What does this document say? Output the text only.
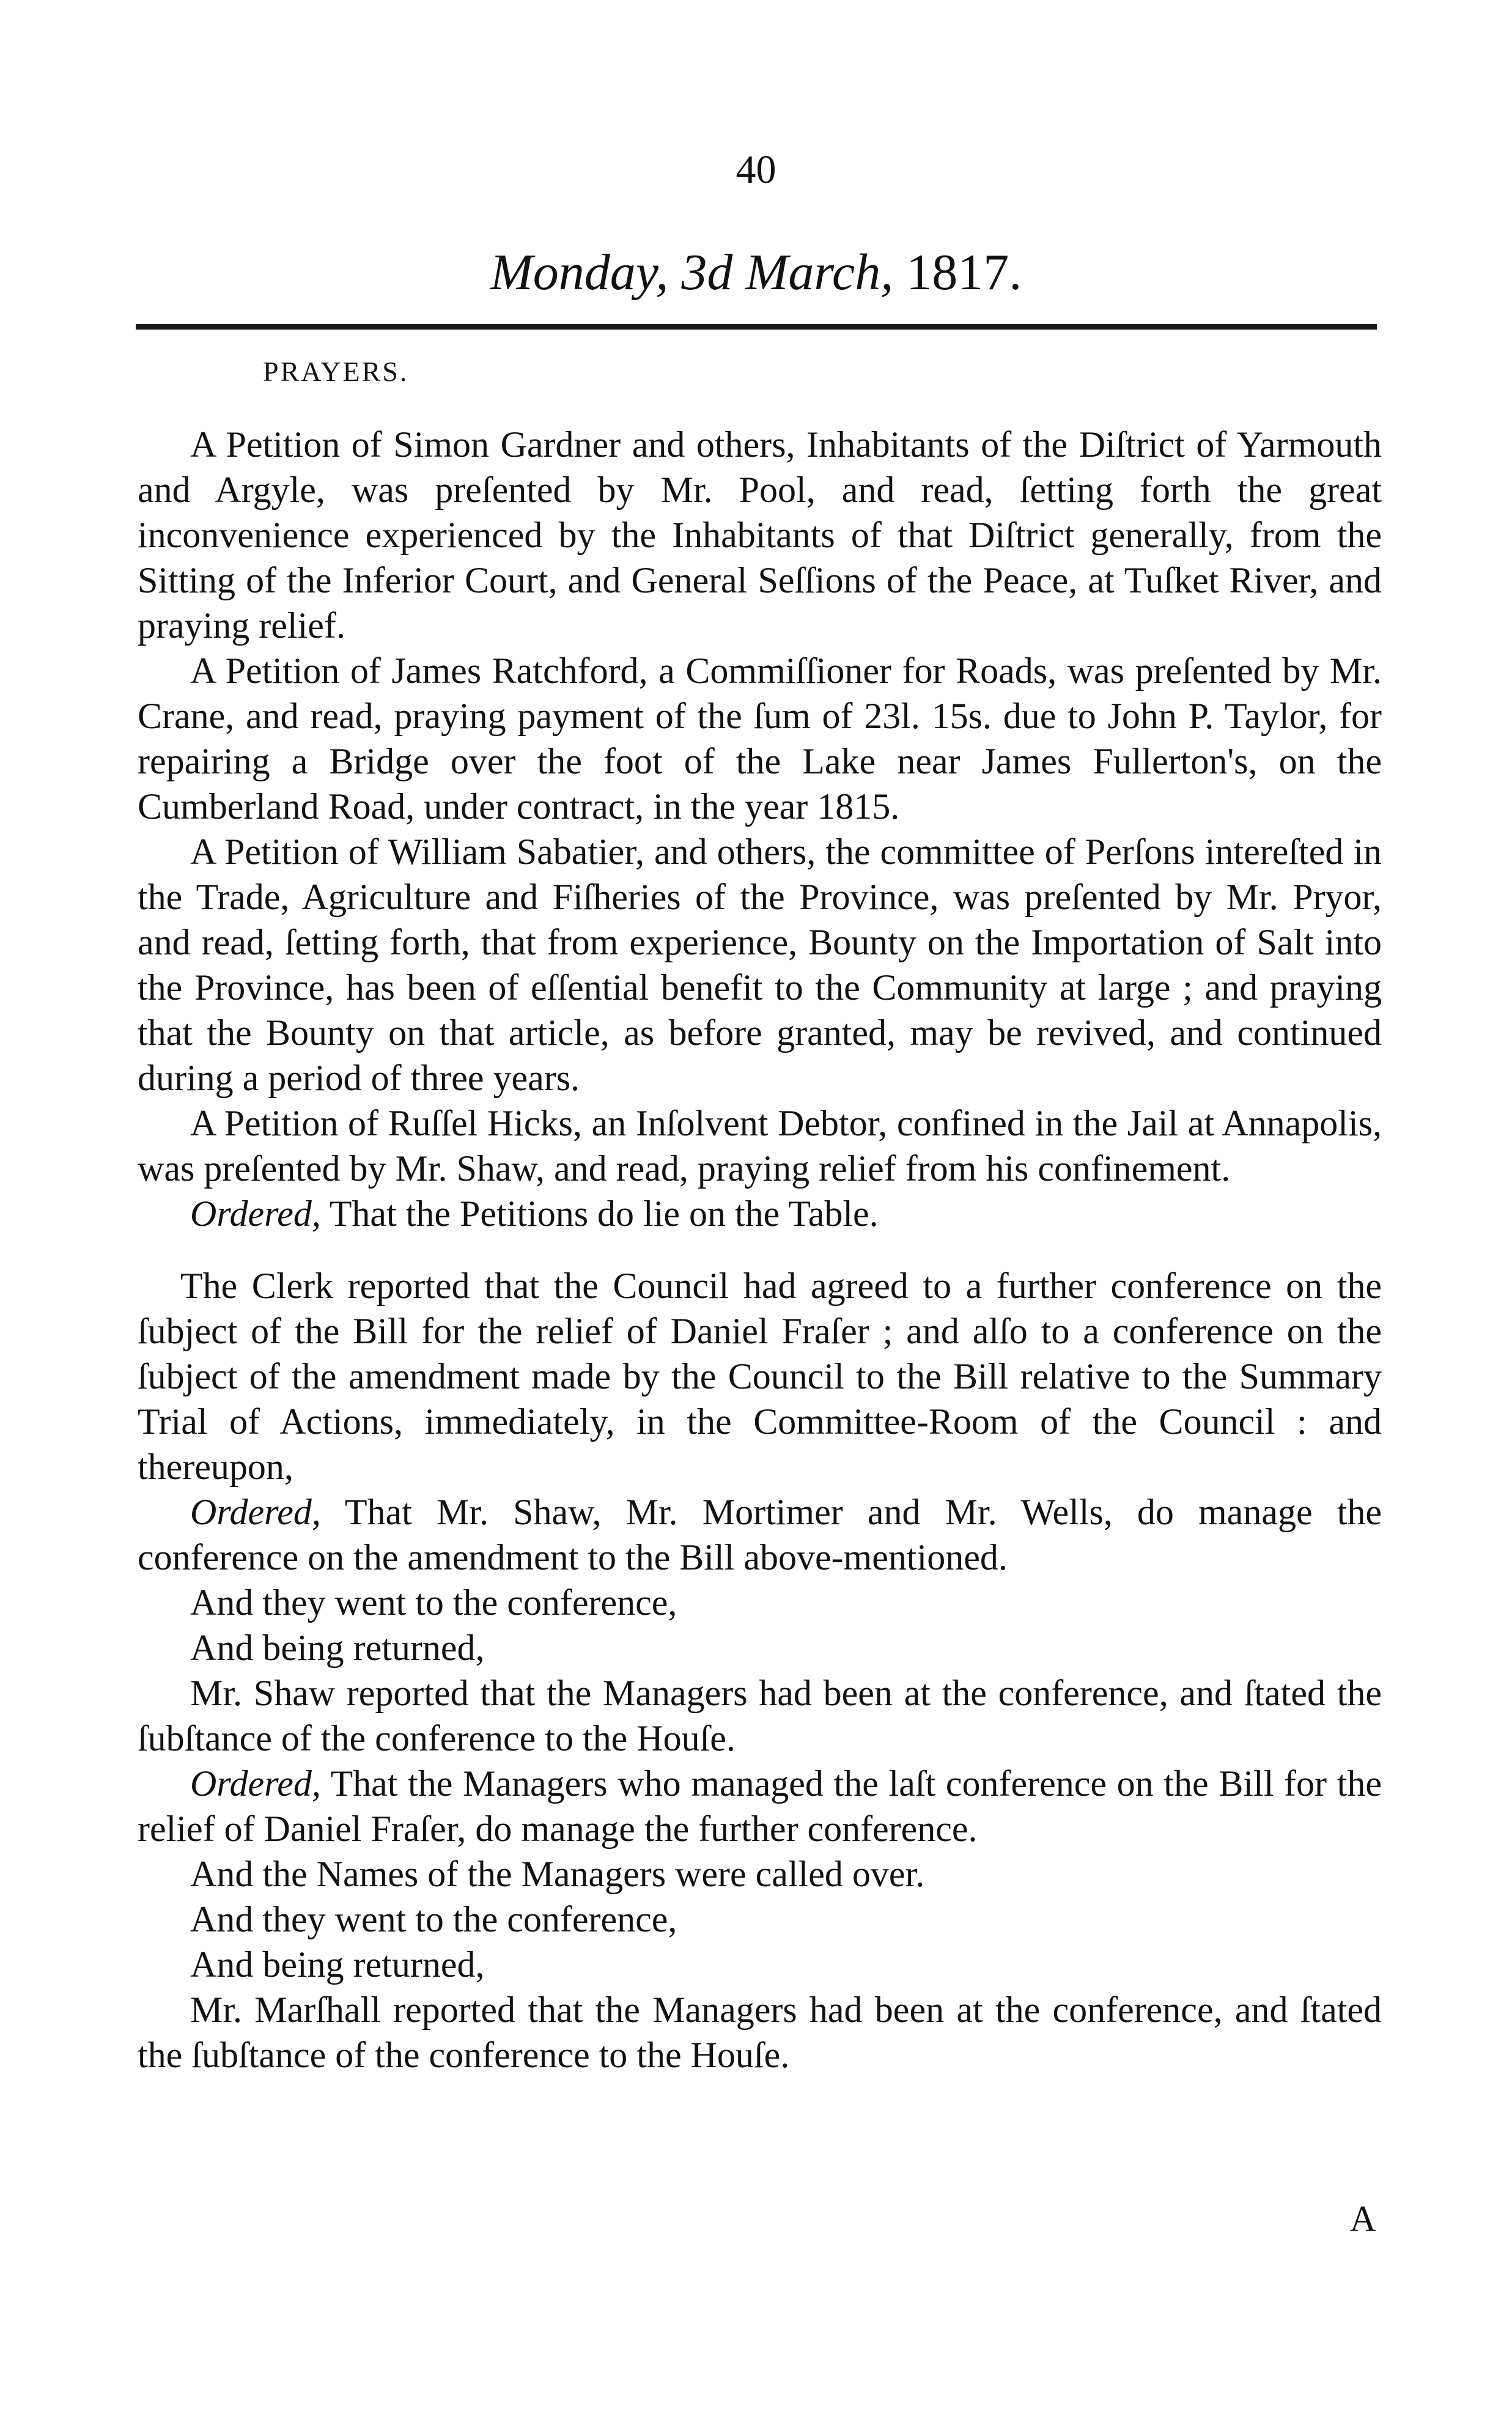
40
Monday, 3d March, 1817.
PRAYERS.

A Petition of Simon Gardner and others, Inhabitants of the Diſtrict of Yarmouth and Argyle, was preſented by Mr. Pool, and read, ſetting forth the great inconvenience experienced by the Inhabitants of that Diſtrict generally, from the Sitting of the Inferior Court, and General Seſſions of the Peace, at Tuſket River, and praying relief.

A Petition of James Ratchford, a Commiſſioner for Roads, was preſented by Mr. Crane, and read, praying payment of the ſum of 23l. 15s. due to John P. Taylor, for repairing a Bridge over the foot of the Lake near James Fullerton's, on the Cumberland Road, under contract, in the year 1815.

A Petition of William Sabatier, and others, the committee of Perſons intereſted in the Trade, Agriculture and Fiſheries of the Province, was preſented by Mr. Pryor, and read, ſetting forth, that from experience, Bounty on the Importation of Salt into the Province, has been of eſſential benefit to the Community at large ; and praying that the Bounty on that article, as before granted, may be revived, and continued during a period of three years.

A Petition of Ruſſel Hicks, an Inſolvent Debtor, confined in the Jail at Annapolis, was preſented by Mr. Shaw, and read, praying relief from his confinement.

Ordered, That the Petitions do lie on the Table.

The Clerk reported that the Council had agreed to a further conference on the ſubject of the Bill for the relief of Daniel Fraſer ; and alſo to a conference on the ſubject of the amendment made by the Council to the Bill relative to the Summary Trial of Actions, immediately, in the Committee-Room of the Council : and thereupon,

Ordered, That Mr. Shaw, Mr. Mortimer and Mr. Wells, do manage the conference on the amendment to the Bill above-mentioned.

And they went to the conference,

And being returned,

Mr. Shaw reported that the Managers had been at the conference, and ſtated the ſubſtance of the conference to the Houſe.

Ordered, That the Managers who managed the laſt conference on the Bill for the relief of Daniel Fraſer, do manage the further conference.

And the Names of the Managers were called over.

And they went to the conference,

And being returned,

Mr. Marſhall reported that the Managers had been at the conference, and ſtated the ſubſtance of the conference to the Houſe.

A
